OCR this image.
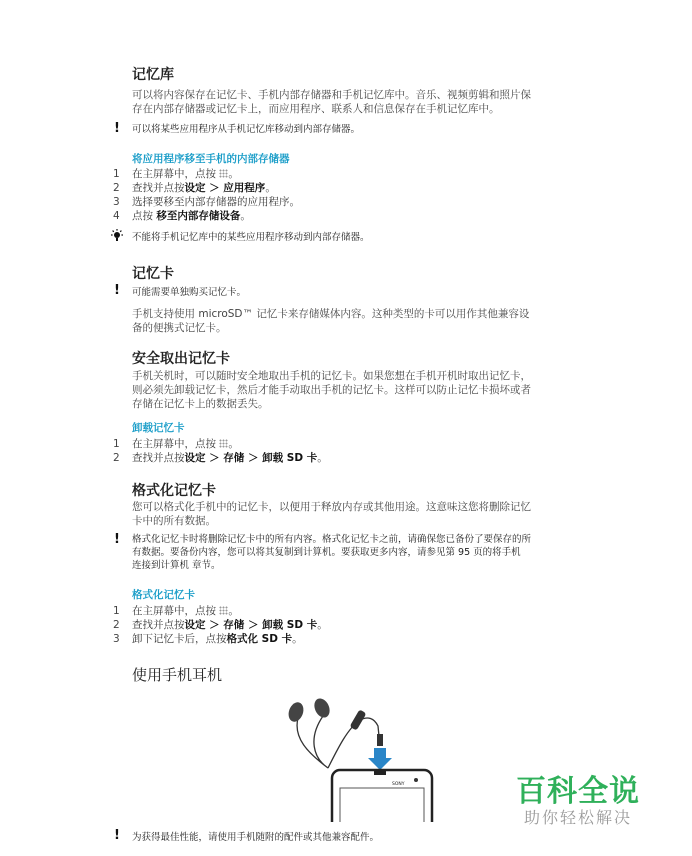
记忆库
可以将内容保存在记忆卡、手机内部存储器和手机记忆库中。音乐、视频剪辑和照片保
存在内部存储器或记忆卡上，而应用程序、联系人和信息保存在手机记忆库中。
!	可以将某些应用程序从手机记忆库移动到内部存储器。
将应用程序移至手机的内部存储器
1 在主屏幕中，点按 。
2 查找并点按设定 ＞ 应用程序。
3 选择要移至内部存储器的应用程序。
4 点按 移至内部存储设备。
不能将手机记忆库中的某些应用程序移动到内部存储器。
记忆卡
!	可能需要单独购买记忆卡。
手机支持使用 microSD™ 记忆卡来存储媒体内容。这种类型的卡可以用作其他兼容设
备的便携式记忆卡。
安全取出记忆卡
手机关机时，可以随时安全地取出手机的记忆卡。如果您想在手机开机时取出记忆卡，
则必须先卸载记忆卡，然后才能手动取出手机的记忆卡。这样可以防止记忆卡损坏或者
存储在记忆卡上的数据丢失。
卸载记忆卡
1 在主屏幕中，点按 。
2 查找并点按设定 ＞ 存储 ＞ 卸载 SD 卡。
格式化记忆卡
您可以格式化手机中的记忆卡，以便用于释放内存或其他用途。这意味这您将删除记忆
卡中的所有数据。
!	格式化记忆卡时将删除记忆卡中的所有内容。格式化记忆卡之前，请确保您已备份了要保存的所
有数据。要备份内容，您可以将其复制到计算机。要获取更多内容，请参见第 95 页的将手机
连接到计算机 章节。
格式化记忆卡
1 在主屏幕中，点按 。
2 查找并点按设定 ＞ 存储 ＞ 卸载 SD 卡。
3 卸下记忆卡后，点按格式化 SD 卡。
使用手机耳机
SONY
!	为获得最佳性能，请使用手机随附的配件或其他兼容配件。
百科全说
助你轻松解决
